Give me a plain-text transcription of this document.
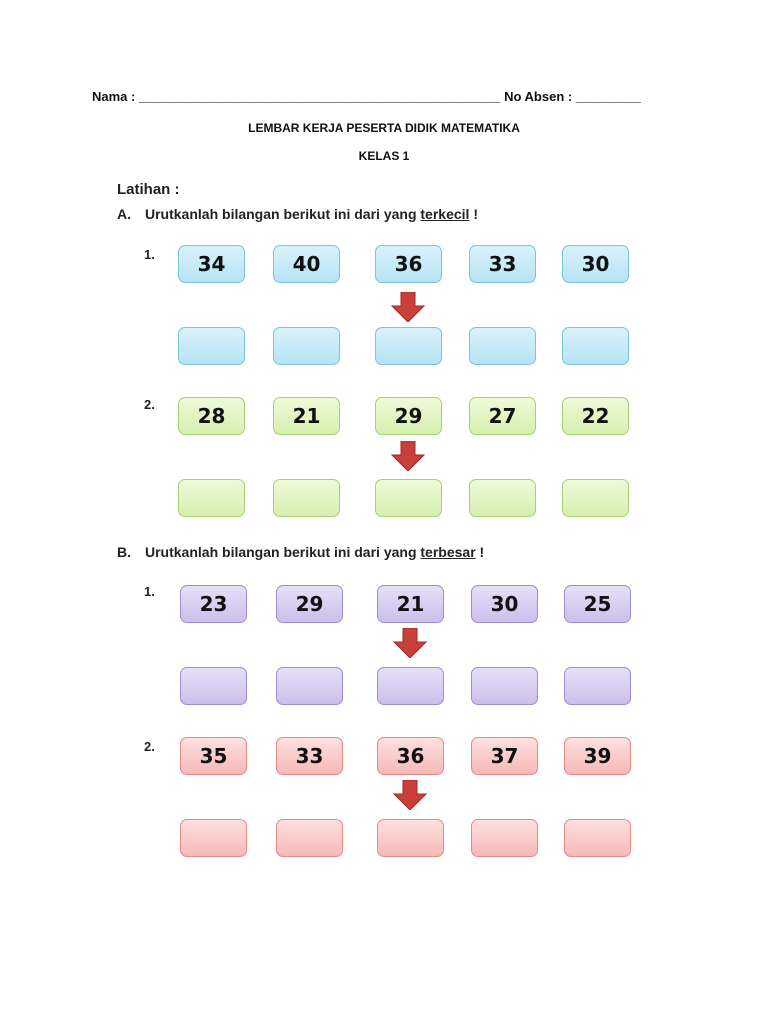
Nama : __________________________________________________ No Absen : _________
LEMBAR KERJA PESERTA DIDIK MATEMATIKA
KELAS 1
Latihan :
A. Urutkanlah bilangan berikut ini dari yang terkecil !
1.	34	40	36	33	30
2.	28	21	29	27	22
B. Urutkanlah bilangan berikut ini dari yang terbesar !
1.
23	29	21	30	25
2.	35	33	36	37	39
